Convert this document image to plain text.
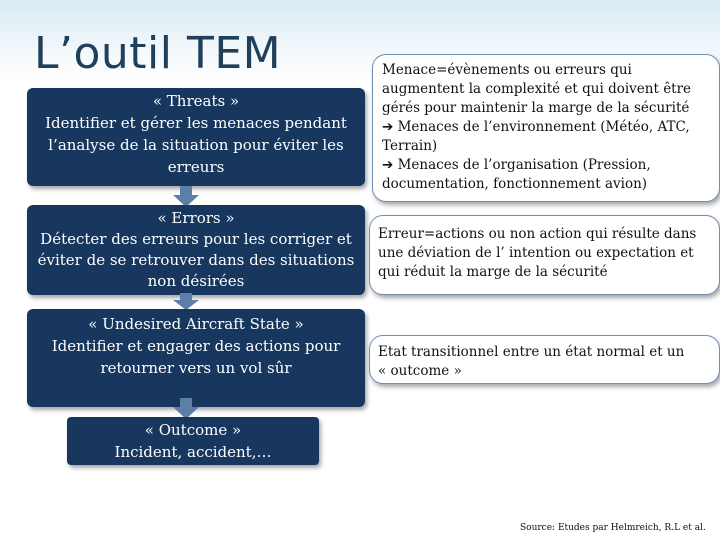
L’outil TEM
« Threats »
Identifier et gérer les menaces pendant
l’analyse de la situation pour éviter les
erreurs
« Errors »
Détecter des erreurs pour les corriger et
éviter de se retrouver dans des situations
non désirées
« Undesired Aircraft State »
Identifier et engager des actions pour
retourner vers un vol sûr
« Outcome »
Incident, accident,…
Menace=évènements ou erreurs qui
augmentent la complexité et qui doivent être
gérés pour maintenir la marge de la sécurité
➔ Menaces de l’environnement (Météo, ATC,
Terrain)
➔ Menaces de l’organisation (Pression,
documentation, fonctionnement avion)
Erreur=actions ou non action qui résulte dans
une déviation de l’ intention ou expectation et
qui réduit la marge de la sécurité
Etat transitionnel entre un état normal et un
« outcome »
Source: Etudes par Helmreich, R.L et al.
